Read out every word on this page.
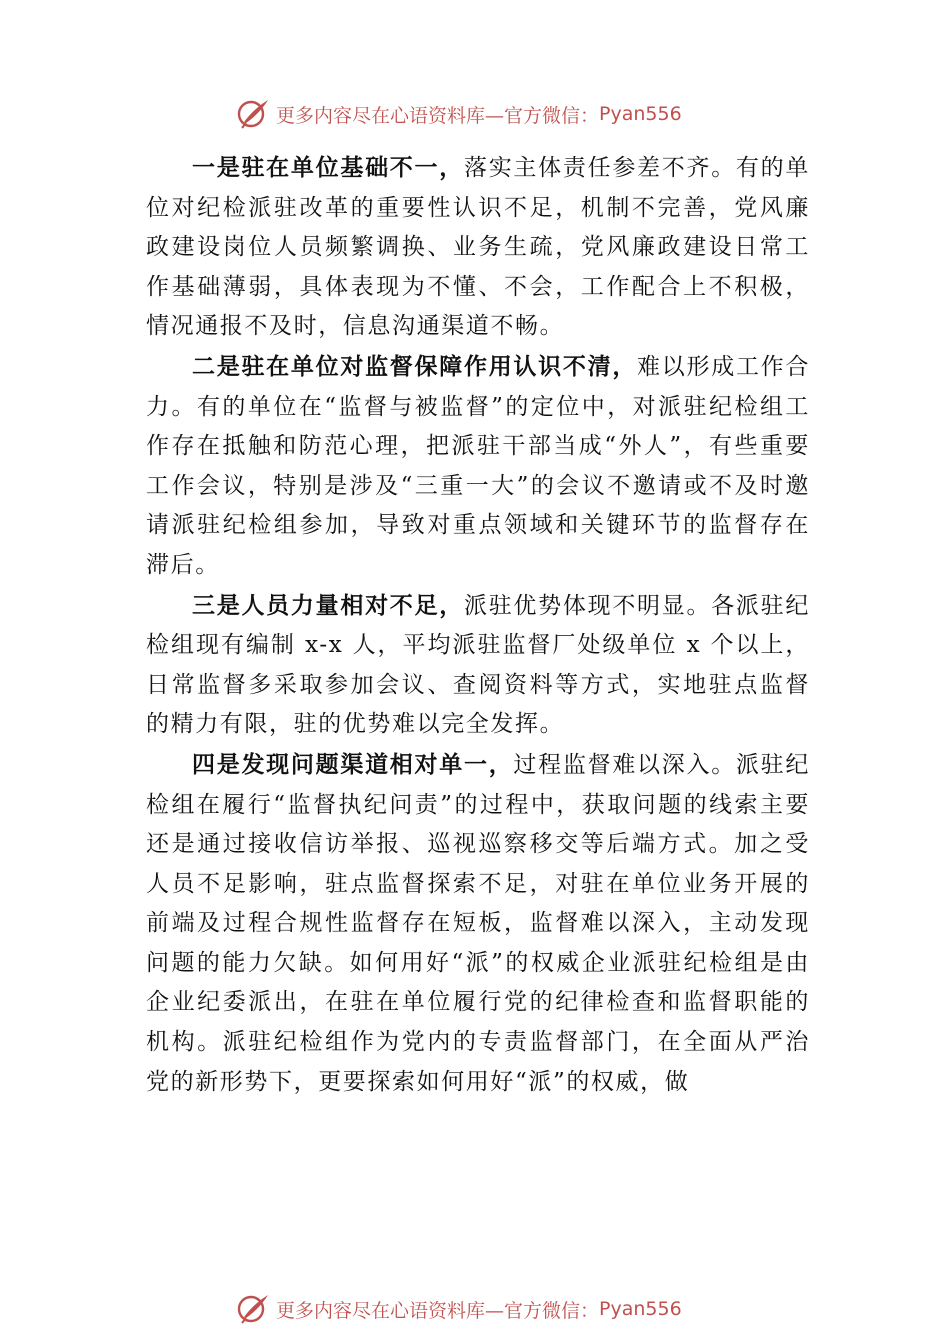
更多内容尽在心语资料库—官方微信： Pyan556

一是驻在单位基础不一，落实主体责任参差不齐。有的单位对纪检派驻改革的重要性认识不足，机制不完善，党风廉政建设岗位人员频繁调换、业务生疏，党风廉政建设日常工作基础薄弱，具体表现为不懂、不会，工作配合上不积极，情况通报不及时，信息沟通渠道不畅。

二是驻在单位对监督保障作用认识不清，难以形成工作合力。有的单位在“监督与被监督”的定位中，对派驻纪检组工作存在抵触和防范心理，把派驻干部当成“外人”，有些重要工作会议，特别是涉及“三重一大”的会议不邀请或不及时邀请派驻纪检组参加，导致对重点领域和关键环节的监督存在滞后。

三是人员力量相对不足，派驻优势体现不明显。各派驻纪检组现有编制 x-x 人，平均派驻监督厂处级单位 x 个以上，日常监督多采取参加会议、查阅资料等方式，实地驻点监督的精力有限，驻的优势难以完全发挥。

四是发现问题渠道相对单一，过程监督难以深入。派驻纪检组在履行“监督执纪问责”的过程中，获取问题的线索主要还是通过接收信访举报、巡视巡察移交等后端方式。加之受人员不足影响，驻点监督探索不足，对驻在单位业务开展的前端及过程合规性监督存在短板，监督难以深入，主动发现问题的能力欠缺。如何用好“派”的权威企业派驻纪检组是由企业纪委派出，在驻在单位履行党的纪律检查和监督职能的机构。派驻纪检组作为党内的专责监督部门，在全面从严治党的新形势下，更要探索如何用好“派”的权威，做

更多内容尽在心语资料库—官方微信： Pyan556
